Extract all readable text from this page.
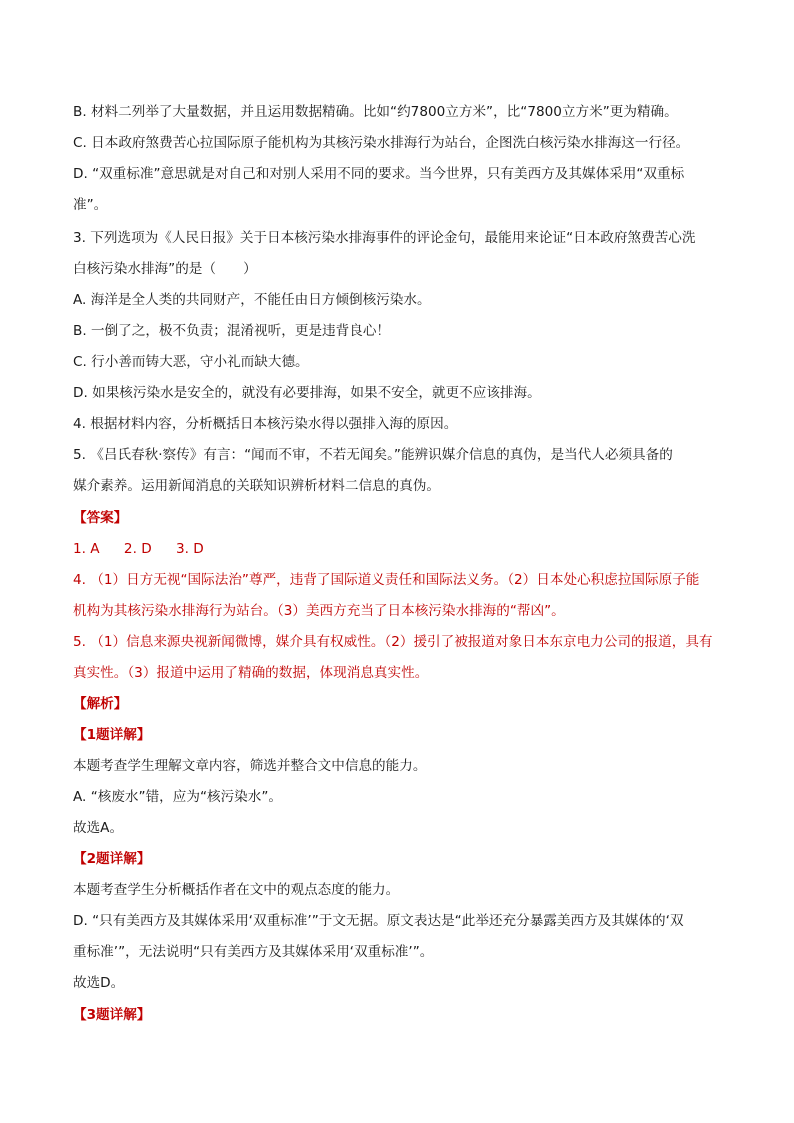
B. 材料二列举了大量数据，并且运用数据精确。比如“约7800立方米”，比“7800立方米”更为精确。
C. 日本政府煞费苦心拉国际原子能机构为其核污染水排海行为站台，企图洗白核污染水排海这一行径。
D. “双重标准”意思就是对自己和对别人采用不同的要求。当今世界，只有美西方及其媒体采用“双重标
准”。
3. 下列选项为《人民日报》关于日本核污染水排海事件的评论金句，最能用来论证“日本政府煞费苦心洗
白核污染水排海”的是（　　）
A. 海洋是全人类的共同财产，不能任由日方倾倒核污染水。
B. 一倒了之，极不负责；混淆视听，更是违背良心！
C. 行小善而铸大恶，守小礼而缺大德。
D. 如果核污染水是安全的，就没有必要排海，如果不安全，就更不应该排海。
4. 根据材料内容，分析概括日本核污染水得以强排入海的原因。
5. 《吕氏春秋·察传》有言：“闻而不审，不若无闻矣。”能辨识媒介信息的真伪，是当代人必须具备的
媒介素养。运用新闻消息的关联知识辨析材料二信息的真伪。
【答案】
1. A 2. D 3. D
4. （1）日方无视“国际法治”尊严，违背了国际道义责任和国际法义务。（2）日本处心积虑拉国际原子能
机构为其核污染水排海行为站台。（3）美西方充当了日本核污染水排海的“帮凶”。
5. （1）信息来源央视新闻微博，媒介具有权威性。（2）援引了被报道对象日本东京电力公司的报道，具有
真实性。（3）报道中运用了精确的数据，体现消息真实性。
【解析】
【1题详解】
本题考查学生理解文章内容，筛选并整合文中信息的能力。
A. “核废水”错，应为“核污染水”。
故选A。
【2题详解】
本题考查学生分析概括作者在文中的观点态度的能力。
D. “只有美西方及其媒体采用‘双重标准’”于文无据。原文表达是“此举还充分暴露美西方及其媒体的‘双
重标准’”，无法说明“只有美西方及其媒体采用‘双重标准’”。
故选D。
【3题详解】
